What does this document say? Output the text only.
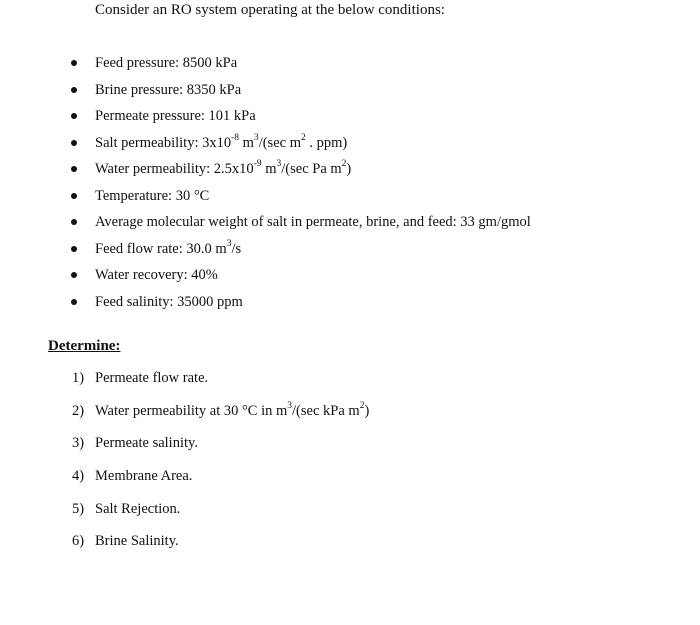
Consider an RO system operating at the below conditions:
Feed pressure: 8500 kPa
Brine pressure: 8350 kPa
Permeate pressure: 101 kPa
Salt permeability: $3x10^{-8}$ $m^3/(\sec$ $m^2$ . ppm)
Water permeability: $2.5x10^{-9}$ $m^3/(\sec$ Pa $m^2$)
Temperature: 30 °C
Average molecular weight of salt in permeate, brine, and feed: 33 gm/gmol
Feed flow rate: 30.0 $m^3/s$
Water recovery: 40%
Feed salinity: 35000 ppm
Determine:
1) Permeate flow rate.
2) Water permeability at 30 °C in $m^3/(\sec$ kPa $m^2$)
3) Permeate salinity.
4) Membrane Area.
5) Salt Rejection.
6) Brine Salinity.
